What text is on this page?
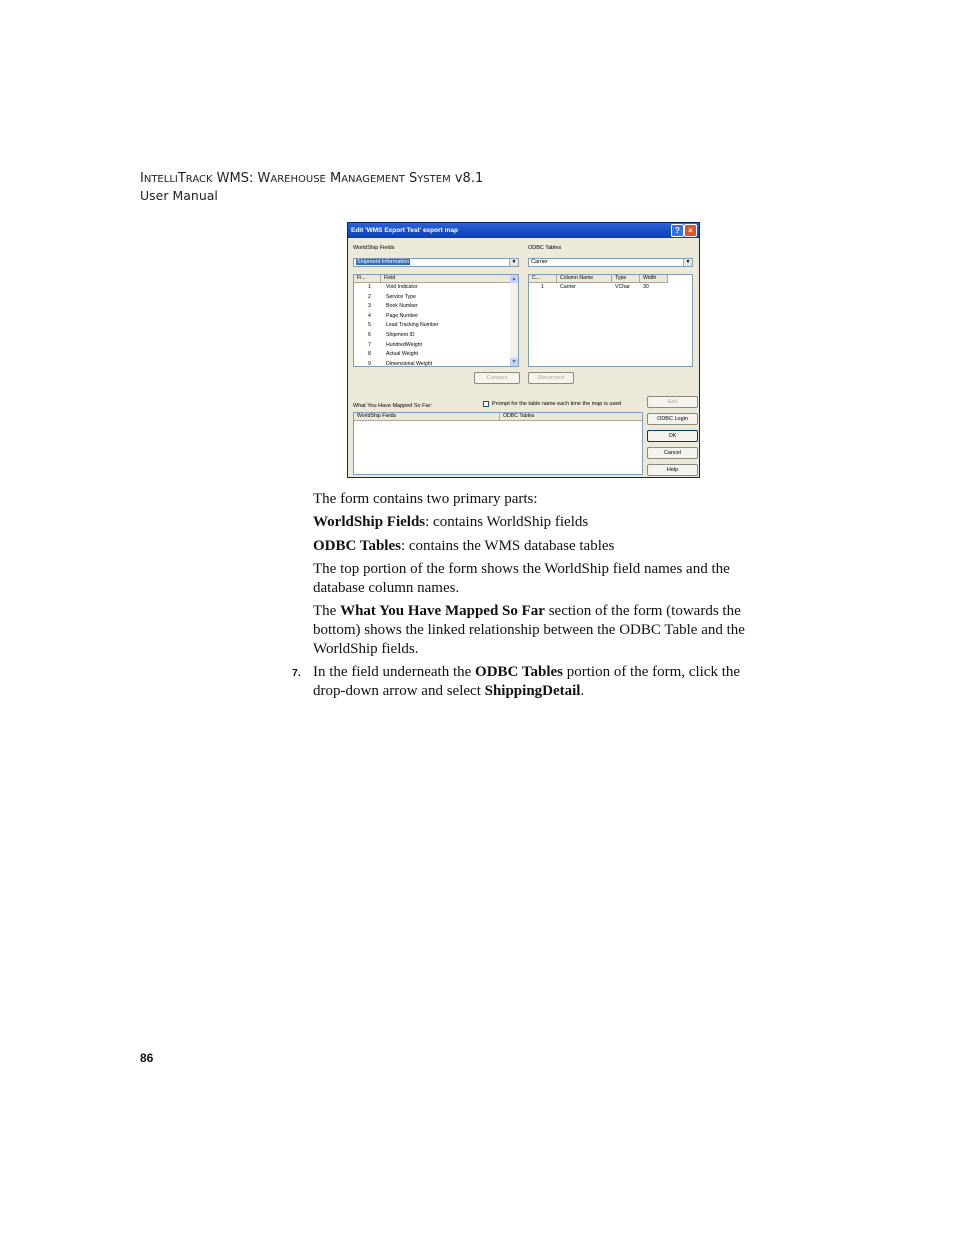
INTELLITRACK WMS: WAREHOUSE MANAGEMENT SYSTEM v8.1
User Manual
Edit 'WMS Export Test' export map	?	×
WorldShip Fields
Shipment Information	▼
ODBC Tables
Carrier	▼
Fi...	Field
1	Void Indicator
2	Service Type
3	Book Number
4	Page Number
5	Lead Tracking Number
6	Shipment ID
7	HundredWeight
8	Actual Weight
9	Dimensional Weight
▲
▼
C...	Column Name	Type	Width
1	Carrier	VChar	30
Connect	Disconnect
What You Have Mapped So Far:	Prompt for the table name each time the map is used
WorldShip Fields	ODBC Tables
Edit
ODBC Login
OK
Cancel
Help
The form contains two primary parts:
WorldShip Fields: contains WorldShip fields
ODBC Tables: contains the WMS database tables
The top portion of the form shows the WorldShip field names and the database column names.
The What You Have Mapped So Far section of the form (towards the bottom) shows the linked relationship between the ODBC Table and the WorldShip fields.
7. In the field underneath the ODBC Tables portion of the form, click the drop-down arrow and select ShippingDetail.
86
